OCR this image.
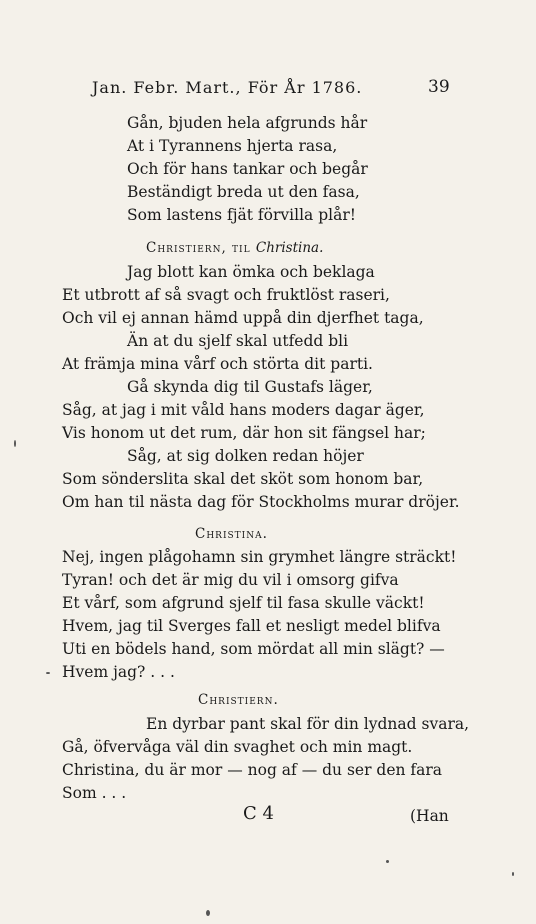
Jan. Febr. Mart., För År 1786.	39
Gån, bjuden hela afgrunds hår
At i Tyrannens hjerta rasa,
Och för hans tankar och begår
Beständigt breda ut den fasa,
Som lastens fjät förvilla plår!
Christiern, til Christina.
Jag blott kan ömka och beklaga
Et utbrott af så svagt och fruktlöst raseri,
Och vil ej annan hämd uppå din djerfhet taga,
Än at du sjelf skal utfedd bli
At främja mina vårf och störta dit parti.
Gå skynda dig til Gustafs läger,
Såg, at jag i mit våld hans moders dagar äger,
Vis honom ut det rum, där hon sit fängsel har;
Såg, at sig dolken redan höjer
Som sönderslita skal det sköt som honom bar,
Om han til nästa dag för Stockholms murar dröjer.
Christina.
Nej, ingen plågohamn sin grymhet längre sträckt!
Tyran! och det är mig du vil i omsorg gifva
Et vårf, som afgrund sjelf til fasa skulle väckt!
Hvem, jag til Sverges fall et nesligt medel blifva
Uti en bödels hand, som mördat all min slägt? —
Hvem jag? . . .
Christiern.
En dyrbar pant skal för din lydnad svara,
Gå, öfvervåga väl din svaghet och min magt.
Christina, du är mor — nog af — du ser den fara
Som . . .
C 4	(Han
